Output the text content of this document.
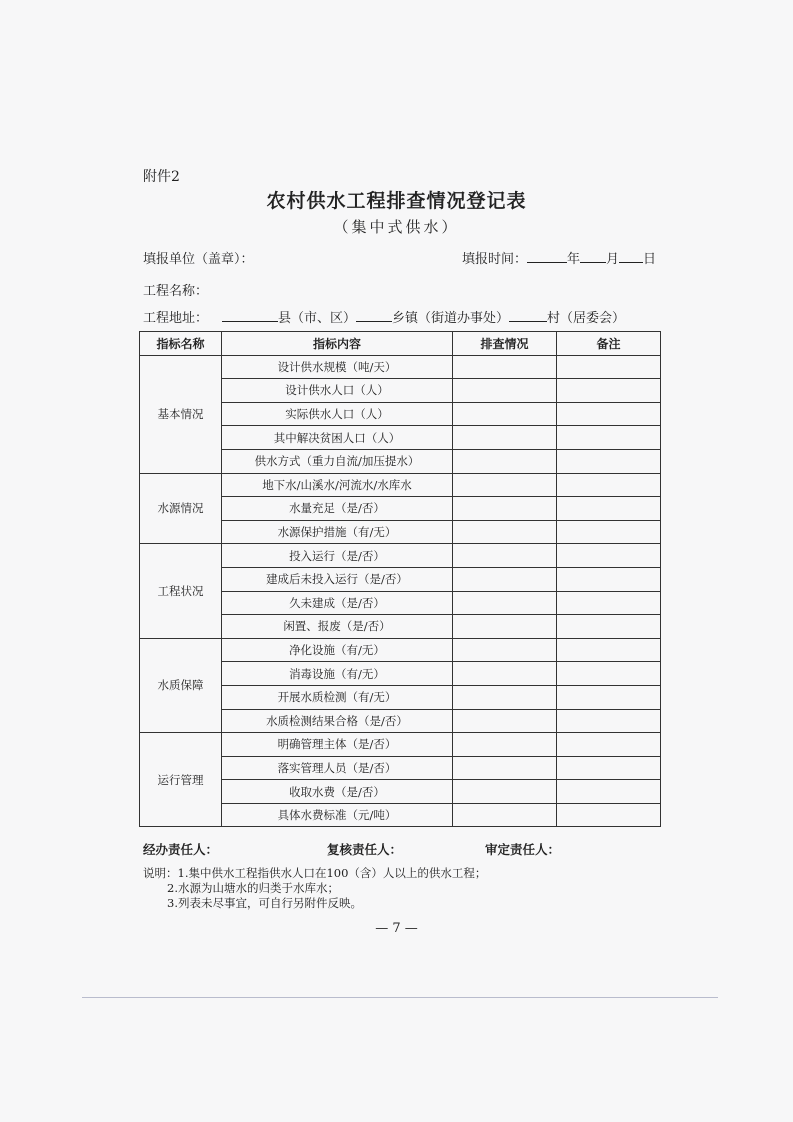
附件2
农村供水工程排查情况登记表
（集中式供水）
填报单位（盖章）：	填报时间：	年 月 日
工程名称：
工程地址：	县（市、区）	乡镇（街道办事处）	村（居委会）
指标名称	指标内容	排查情况	备注
基本情况	设计供水规模（吨/天）		
	设计供水人口（人）		
	实际供水人口（人）		
	其中解决贫困人口（人）		
	供水方式（重力自流/加压提水）		
水源情况	地下水/山溪水/河流水/水库水		
	水量充足（是/否）		
	水源保护措施（有/无）		
工程状况	投入运行（是/否）		
	建成后未投入运行（是/否）		
	久未建成（是/否）		
	闲置、报废（是/否）		
水质保障	净化设施（有/无）		
	消毒设施（有/无）		
	开展水质检测（有/无）		
	水质检测结果合格（是/否）		
运行管理	明确管理主体（是/否）		
	落实管理人员（是/否）		
	收取水费（是/否）		
	具体水费标准（元/吨）		
经办责任人：	复核责任人：	审定责任人：
说明：1.集中供水工程指供水人口在100（含）人以上的供水工程；
2.水源为山塘水的归类于水库水；
3.列表未尽事宜，可自行另附件反映。
— 7 —
